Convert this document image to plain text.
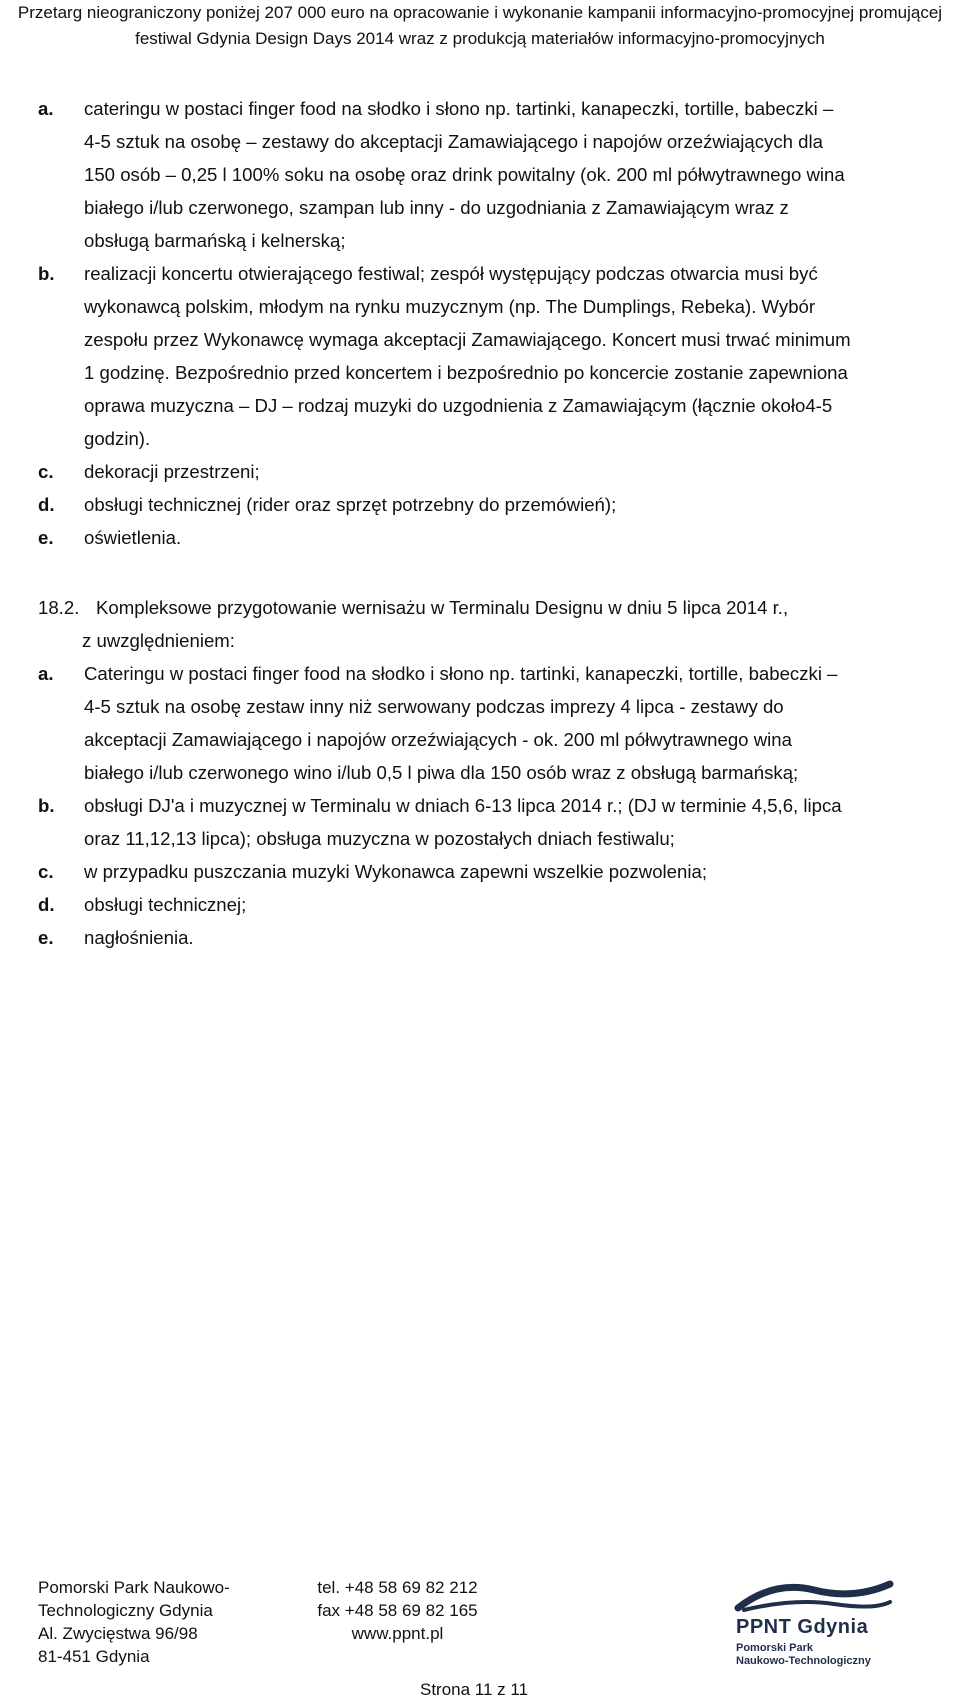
Przetarg nieograniczony poniżej 207 000 euro na opracowanie i wykonanie kampanii informacyjno-promocyjnej promującej
festiwal Gdynia Design Days 2014 wraz z produkcją materiałów informacyjno-promocyjnych
a.	cateringu w postaci finger food na słodko i słono np. tartinki, kanapeczki, tortille, babeczki –
4-5 sztuk na osobę – zestawy do akceptacji Zamawiającego i napojów orzeźwiających dla
150 osób – 0,25 l 100% soku na osobę oraz drink powitalny (ok. 200 ml półwytrawnego wina
białego i/lub czerwonego, szampan lub inny - do uzgodniania z Zamawiającym wraz z
obsługą barmańską i kelnerską;
b.	realizacji koncertu otwierającego festiwal; zespół występujący podczas otwarcia musi być
wykonawcą polskim, młodym na rynku muzycznym (np. The Dumplings, Rebeka). Wybór
zespołu przez Wykonawcę wymaga akceptacji Zamawiającego. Koncert musi trwać minimum
1 godzinę. Bezpośrednio przed koncertem i bezpośrednio po koncercie zostanie zapewniona
oprawa muzyczna – DJ – rodzaj muzyki do uzgodnienia z Zamawiającym (łącznie około4-5
godzin).
c.	dekoracji przestrzeni;
d.	obsługi technicznej (rider oraz sprzęt potrzebny do przemówień);
e.	oświetlenia.
18.2. Kompleksowe przygotowanie wernisażu w Terminalu Designu w dniu 5 lipca 2014 r.,
z uwzględnieniem:
a.	Cateringu w postaci finger food na słodko i słono np. tartinki, kanapeczki, tortille, babeczki –
4-5 sztuk na osobę zestaw inny niż serwowany podczas imprezy 4 lipca - zestawy do
akceptacji Zamawiającego i napojów orzeźwiających - ok. 200 ml półwytrawnego wina
białego i/lub czerwonego wino i/lub 0,5 l piwa dla 150 osób wraz z obsługą barmańską;
b.	obsługi DJ'a i muzycznej w Terminalu w dniach 6-13 lipca 2014 r.; (DJ w terminie 4,5,6, lipca
oraz 11,12,13 lipca); obsługa muzyczna w pozostałych dniach festiwalu;
c.	w przypadku puszczania muzyki Wykonawca zapewni wszelkie pozwolenia;
d.	obsługi technicznej;
e.	nagłośnienia.
Pomorski Park Naukowo-
Technologiczny Gdynia
Al. Zwycięstwa 96/98
81-451 Gdynia
tel. +48 58 69 82 212
fax +48 58 69 82 165
www.ppnt.pl
Strona 11 z 11
PPNT Gdynia
Pomorski Park
Naukowo-Technologiczny
